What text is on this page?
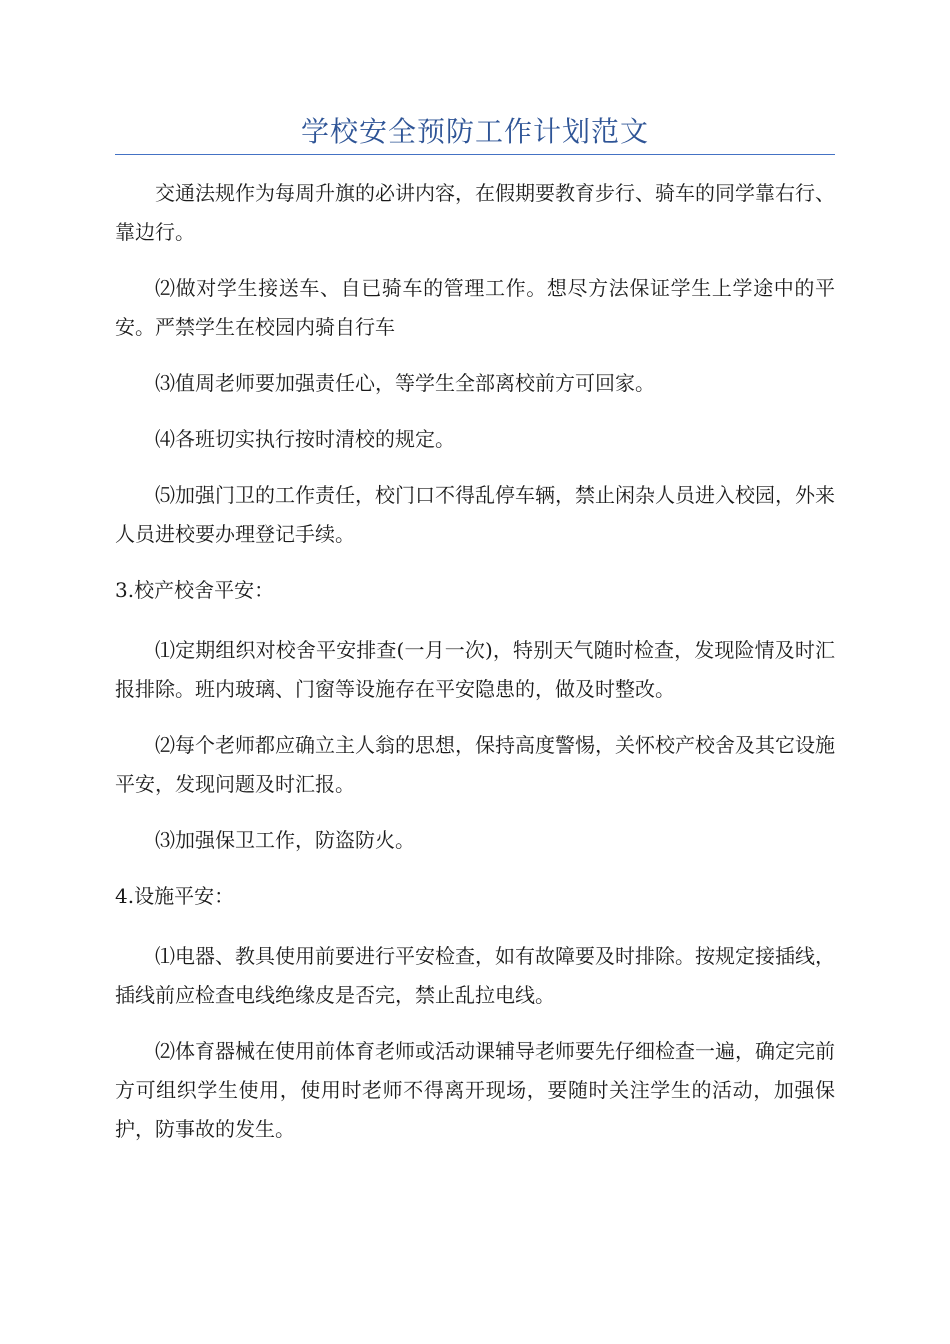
学校安全预防工作计划范文

交通法规作为每周升旗的必讲内容，在假期要教育步行、骑车的同学靠右行、靠边行。

⑵做对学生接送车、自已骑车的管理工作。想尽方法保证学生上学途中的平安。严禁学生在校园内骑自行车

⑶值周老师要加强责任心，等学生全部离校前方可回家。

⑷各班切实执行按时清校的规定。

⑸加强门卫的工作责任，校门口不得乱停车辆，禁止闲杂人员进入校园，外来人员进校要办理登记手续。

3.校产校舍平安：

⑴定期组织对校舍平安排查(一月一次)，特别天气随时检查，发现险情及时汇报排除。班内玻璃、门窗等设施存在平安隐患的，做及时整改。

⑵每个老师都应确立主人翁的思想，保持高度警惕，关怀校产校舍及其它设施平安，发现问题及时汇报。

⑶加强保卫工作，防盗防火。

4.设施平安：

⑴电器、教具使用前要进行平安检查，如有故障要及时排除。按规定接插线，插线前应检查电线绝缘皮是否完，禁止乱拉电线。

⑵体育器械在使用前体育老师或活动课辅导老师要先仔细检查一遍，确定完前方可组织学生使用，使用时老师不得离开现场，要随时关注学生的活动，加强保护，防事故的发生。
